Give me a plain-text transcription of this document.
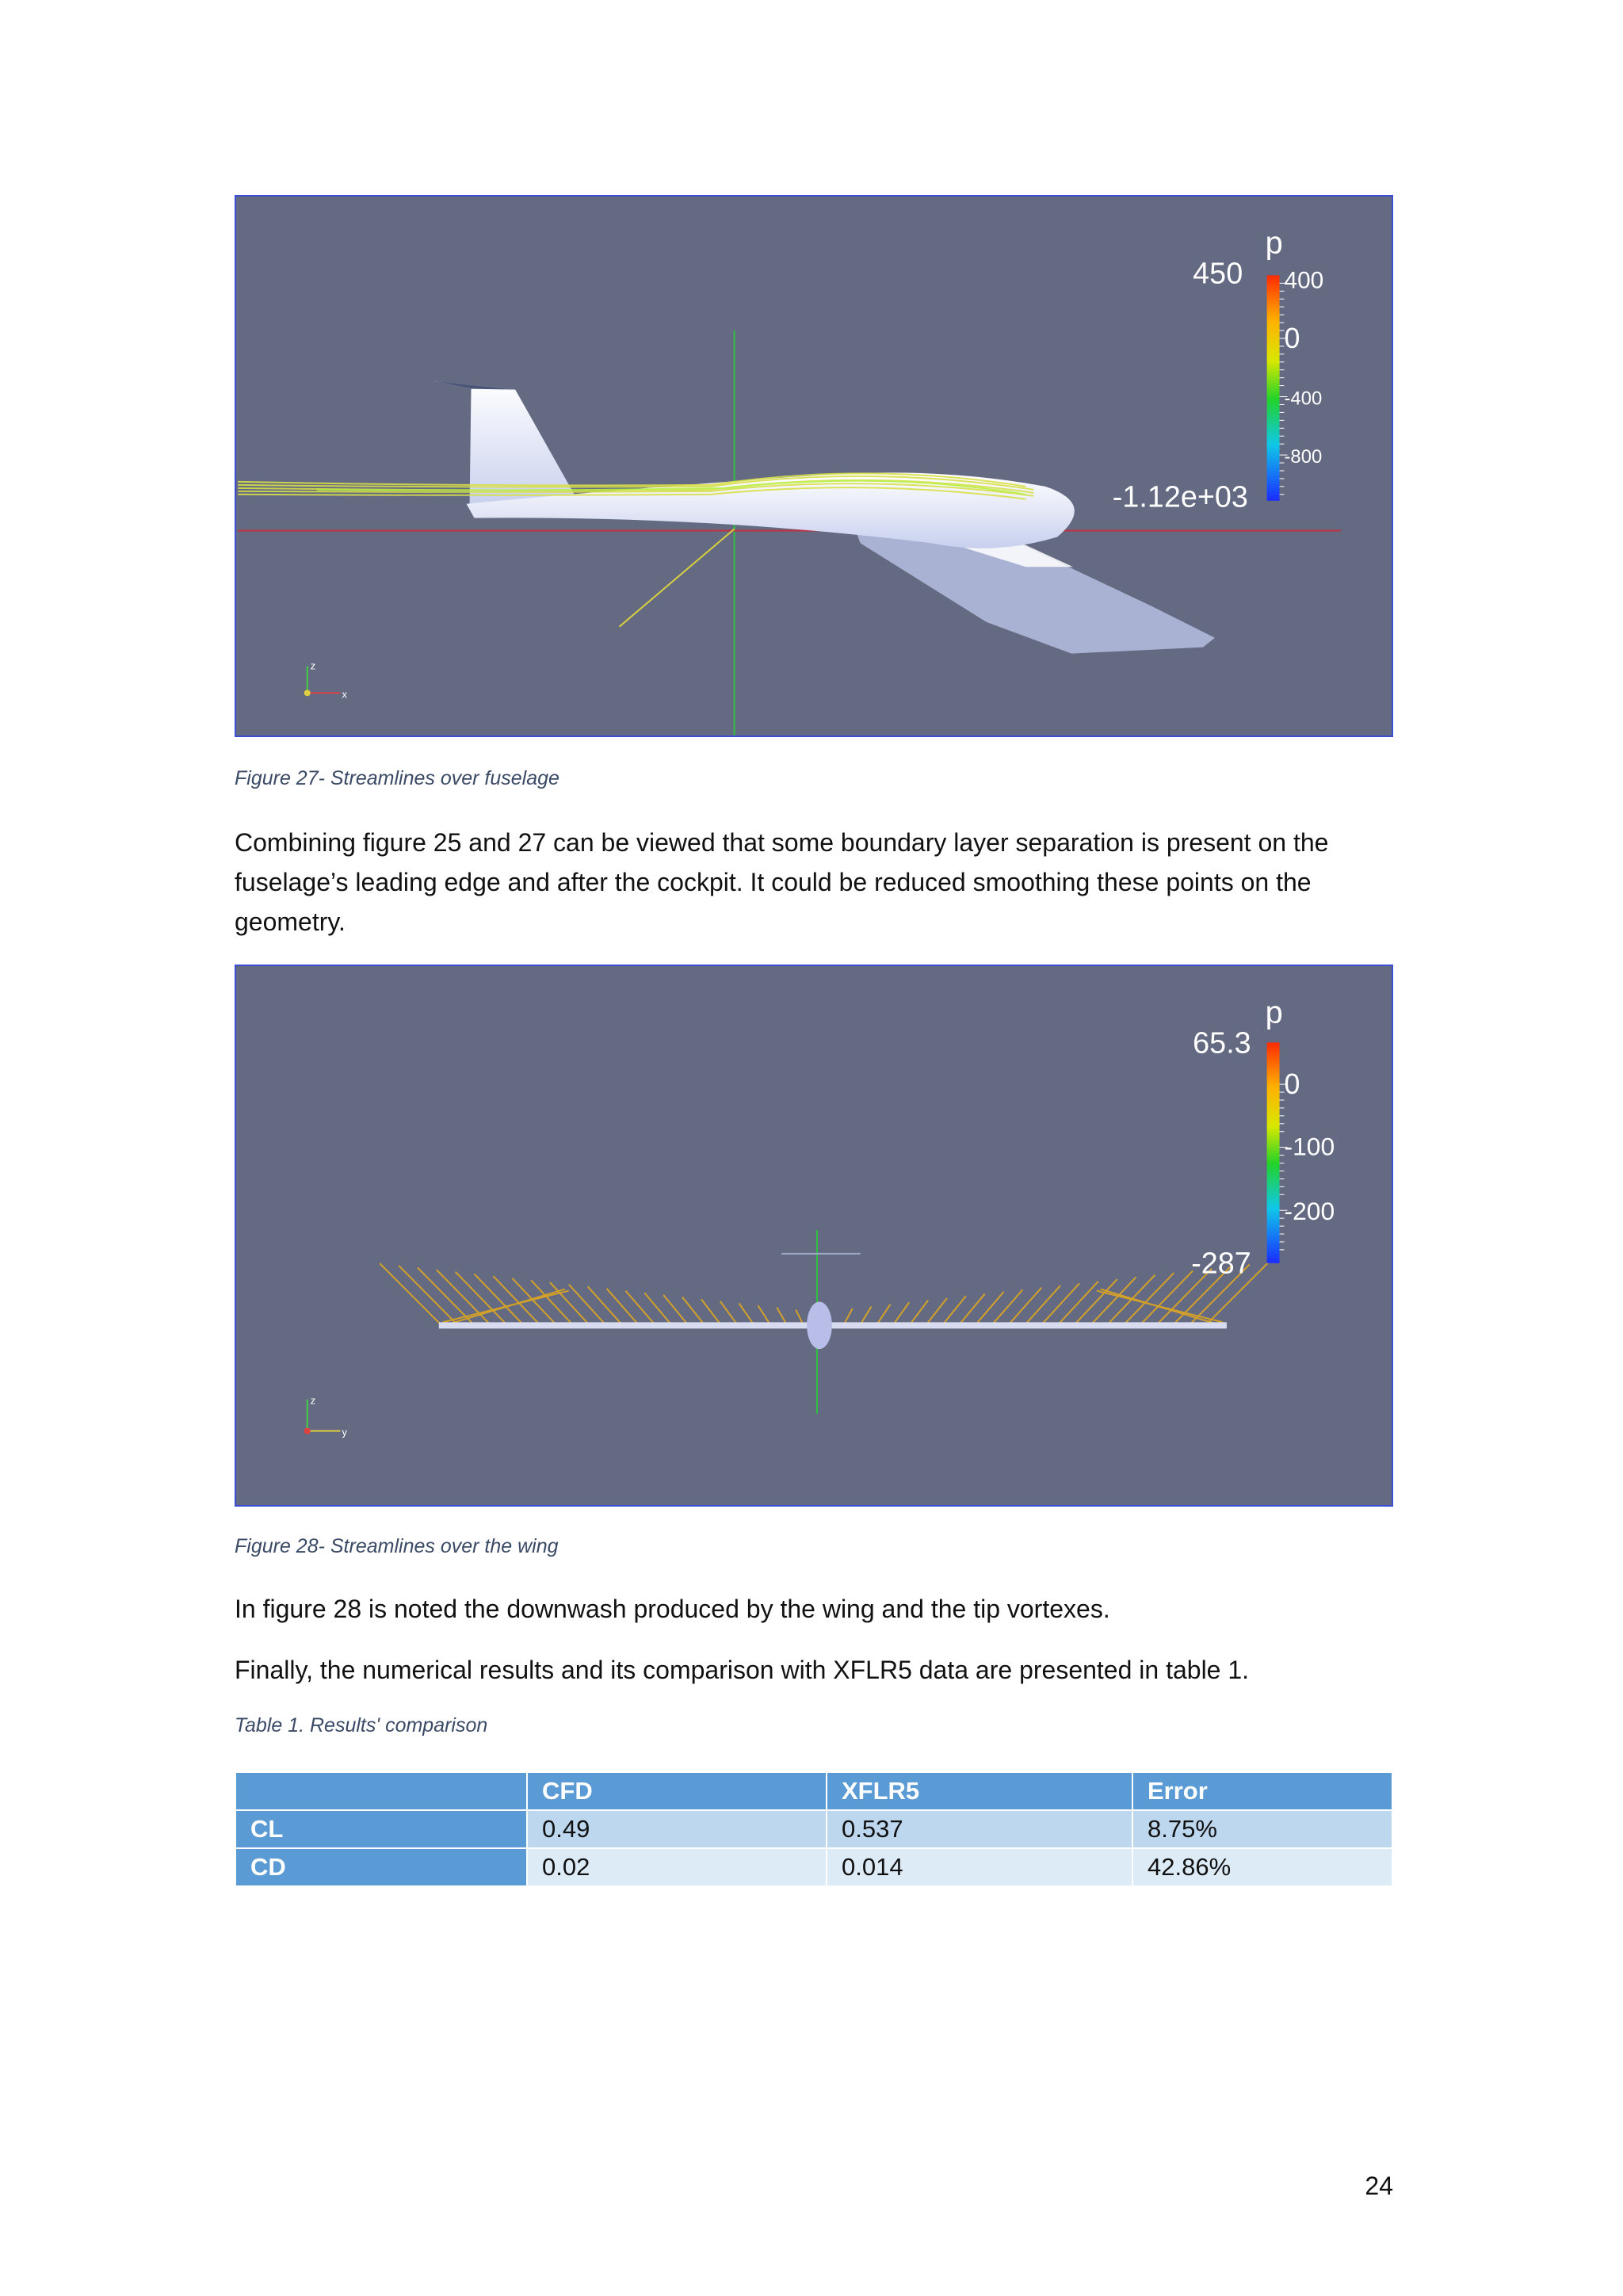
z
x
p
450 400
0
-400
-800
-1.12e+03

Figure 27- Streamlines over fuselage

Combining figure 25 and 27 can be viewed that some boundary layer separation is present on the fuselage’s leading edge and after the cockpit. It could be reduced smoothing these points on the geometry.

z
y
p
65.3
0
-100
-200
-287

Figure 28- Streamlines over the wing

In figure 28 is noted the downwash produced by the wing and the tip vortexes.

Finally, the numerical results and its comparison with XFLR5 data are presented in table 1.

Table 1. Results' comparison

	CFD	XFLR5	Error
CL	0.49	0.537	8.75%
CD	0.02	0.014	42.86%
24
